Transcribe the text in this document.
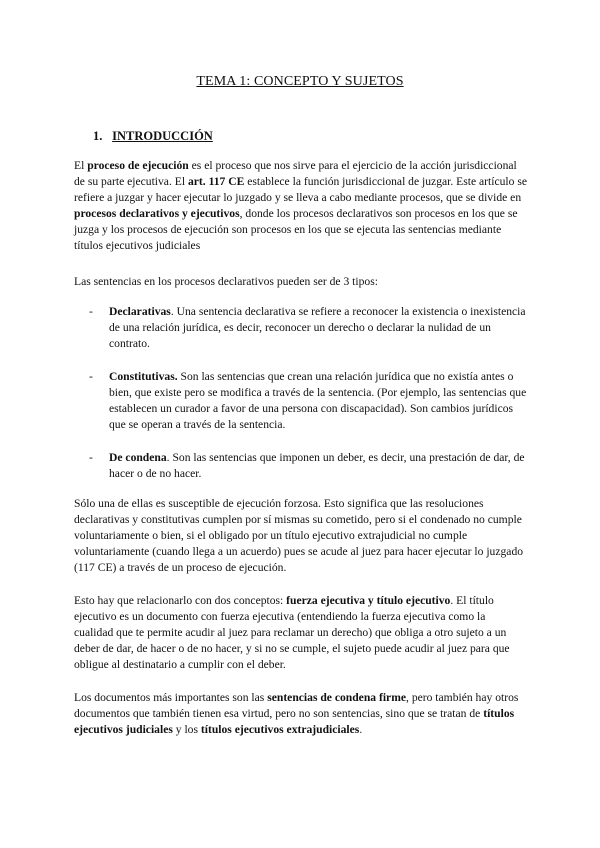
TEMA 1: CONCEPTO Y SUJETOS
1. INTRODUCCIÓN

El proceso de ejecución es el proceso que nos sirve para el ejercicio de la acción jurisdiccional de su parte ejecutiva. El art. 117 CE establece la función jurisdiccional de juzgar. Este artículo se refiere a juzgar y hacer ejecutar lo juzgado y se lleva a cabo mediante procesos, que se divide en procesos declarativos y ejecutivos, donde los procesos declarativos son procesos en los que se juzga y los procesos de ejecución son procesos en los que se ejecuta las sentencias mediante títulos ejecutivos judiciales

Las sentencias en los procesos declarativos pueden ser de 3 tipos:

- Declarativas. Una sentencia declarativa se refiere a reconocer la existencia o inexistencia de una relación jurídica, es decir, reconocer un derecho o declarar la nulidad de un contrato.

- Constitutivas. Son las sentencias que crean una relación jurídica que no existía antes o bien, que existe pero se modifica a través de la sentencia. (Por ejemplo, las sentencias que establecen un curador a favor de una persona con discapacidad). Son cambios jurídicos que se operan a través de la sentencia.

- De condena. Son las sentencias que imponen un deber, es decir, una prestación de dar, de hacer o de no hacer.

Sólo una de ellas es susceptible de ejecución forzosa. Esto significa que las resoluciones declarativas y constitutivas cumplen por sí mismas su cometido, pero si el condenado no cumple voluntariamente o bien, si el obligado por un título ejecutivo extrajudicial no cumple voluntariamente (cuando llega a un acuerdo) pues se acude al juez para hacer ejecutar lo juzgado (117 CE) a través de un proceso de ejecución.

Esto hay que relacionarlo con dos conceptos: fuerza ejecutiva y título ejecutivo. El título ejecutivo es un documento con fuerza ejecutiva (entendiendo la fuerza ejecutiva como la cualidad que te permite acudir al juez para reclamar un derecho) que obliga a otro sujeto a un deber de dar, de hacer o de no hacer, y si no se cumple, el sujeto puede acudir al juez para que obligue al destinatario a cumplir con el deber.

Los documentos más importantes son las sentencias de condena firme, pero también hay otros documentos que también tienen esa virtud, pero no son sentencias, sino que se tratan de títulos ejecutivos judiciales y los títulos ejecutivos extrajudiciales.
